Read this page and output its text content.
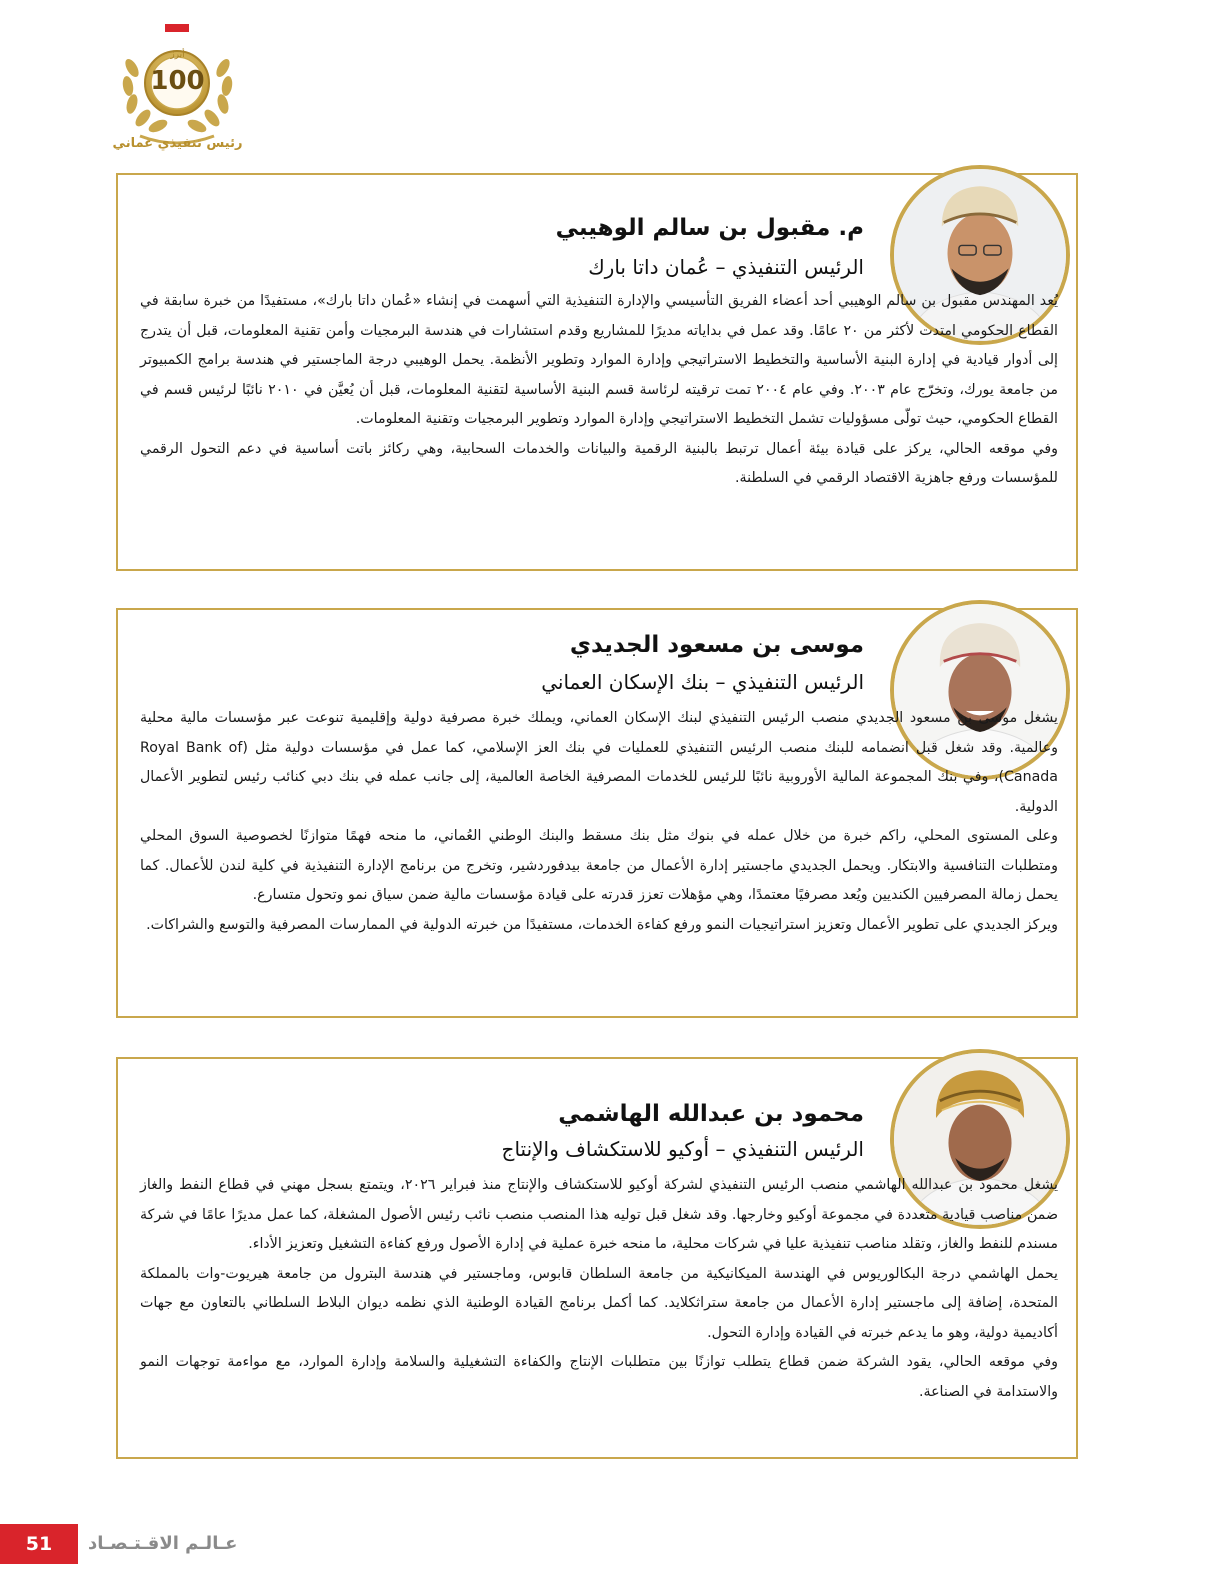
أبرز
100
رئيس تنفيذي عماني
م. مقبول بن سالم الوهيبي
الرئيس التنفيذي – عُمان داتا بارك

يُعد المهندس مقبول بن سالم الوهيبي أحد أعضاء الفريق التأسيسي والإدارة التنفيذية التي أسهمت في إنشاء «عُمان داتا بارك»، مستفيدًا من خبرة سابقة في القطاع الحكومي امتدت لأكثر من ٢٠ عامًا. وقد عمل في بداياته مديرًا للمشاريع وقدم استشارات في هندسة البرمجيات وأمن تقنية المعلومات، قبل أن يتدرج إلى أدوار قيادية في إدارة البنية الأساسية والتخطيط الاستراتيجي وإدارة الموارد وتطوير الأنظمة. يحمل الوهيبي درجة الماجستير في هندسة برامج الكمبيوتر من جامعة يورك، وتخرّج عام ٢٠٠٣. وفي عام ٢٠٠٤ تمت ترقيته لرئاسة قسم البنية الأساسية لتقنية المعلومات، قبل أن يُعيَّن في ٢٠١٠ نائبًا لرئيس قسم في القطاع الحكومي، حيث تولّى مسؤوليات تشمل التخطيط الاستراتيجي وإدارة الموارد وتطوير البرمجيات وتقنية المعلومات.

وفي موقعه الحالي، يركز على قيادة بيئة أعمال ترتبط بالبنية الرقمية والبيانات والخدمات السحابية، وهي ركائز باتت أساسية في دعم التحول الرقمي للمؤسسات ورفع جاهزية الاقتصاد الرقمي في السلطنة.

موسى بن مسعود الجديدي
الرئيس التنفيذي – بنك الإسكان العماني

يشغل موسى بن مسعود الجديدي منصب الرئيس التنفيذي لبنك الإسكان العماني، ويملك خبرة مصرفية دولية وإقليمية تنوعت عبر مؤسسات مالية محلية وعالمية. وقد شغل قبل انضمامه للبنك منصب الرئيس التنفيذي للعمليات في بنك العز الإسلامي، كما عمل في مؤسسات دولية مثل (Royal Bank of Canada)، وفي بنك المجموعة المالية الأوروبية نائبًا للرئيس للخدمات المصرفية الخاصة العالمية، إلى جانب عمله في بنك دبي كنائب رئيس لتطوير الأعمال الدولية.

وعلى المستوى المحلي، راكم خبرة من خلال عمله في بنوك مثل بنك مسقط والبنك الوطني العُماني، ما منحه فهمًا متوازنًا لخصوصية السوق المحلي ومتطلبات التنافسية والابتكار. ويحمل الجديدي ماجستير إدارة الأعمال من جامعة بيدفوردشير، وتخرج من برنامج الإدارة التنفيذية في كلية لندن للأعمال. كما يحمل زمالة المصرفيين الكنديين ويُعد مصرفيًا معتمدًا، وهي مؤهلات تعزز قدرته على قيادة مؤسسات مالية ضمن سياق نمو وتحول متسارع.

ويركز الجديدي على تطوير الأعمال وتعزيز استراتيجيات النمو ورفع كفاءة الخدمات، مستفيدًا من خبرته الدولية في الممارسات المصرفية والتوسع والشراكات.

محمود بن عبدالله الهاشمي
الرئيس التنفيذي – أوكيو للاستكشاف والإنتاج

يشغل محمود بن عبدالله الهاشمي منصب الرئيس التنفيذي لشركة أوكيو للاستكشاف والإنتاج منذ فبراير ٢٠٢٦، ويتمتع بسجل مهني في قطاع النفط والغاز ضمن مناصب قيادية متعددة في مجموعة أوكيو وخارجها. وقد شغل قبل توليه هذا المنصب منصب نائب رئيس الأصول المشغلة، كما عمل مديرًا عامًا في شركة مسندم للنفط والغاز، وتقلد مناصب تنفيذية عليا في شركات محلية، ما منحه خبرة عملية في إدارة الأصول ورفع كفاءة التشغيل وتعزيز الأداء.

يحمل الهاشمي درجة البكالوريوس في الهندسة الميكانيكية من جامعة السلطان قابوس، وماجستير في هندسة البترول من جامعة هيريوت-وات بالمملكة المتحدة، إضافة إلى ماجستير إدارة الأعمال من جامعة ستراثكلايد. كما أكمل برنامج القيادة الوطنية الذي نظمه ديوان البلاط السلطاني بالتعاون مع جهات أكاديمية دولية، وهو ما يدعم خبرته في القيادة وإدارة التحول.

وفي موقعه الحالي، يقود الشركة ضمن قطاع يتطلب توازنًا بين متطلبات الإنتاج والكفاءة التشغيلية والسلامة وإدارة الموارد، مع مواءمة توجهات النمو والاستدامة في الصناعة.

51	عـالـم الاقـتـصـاد
